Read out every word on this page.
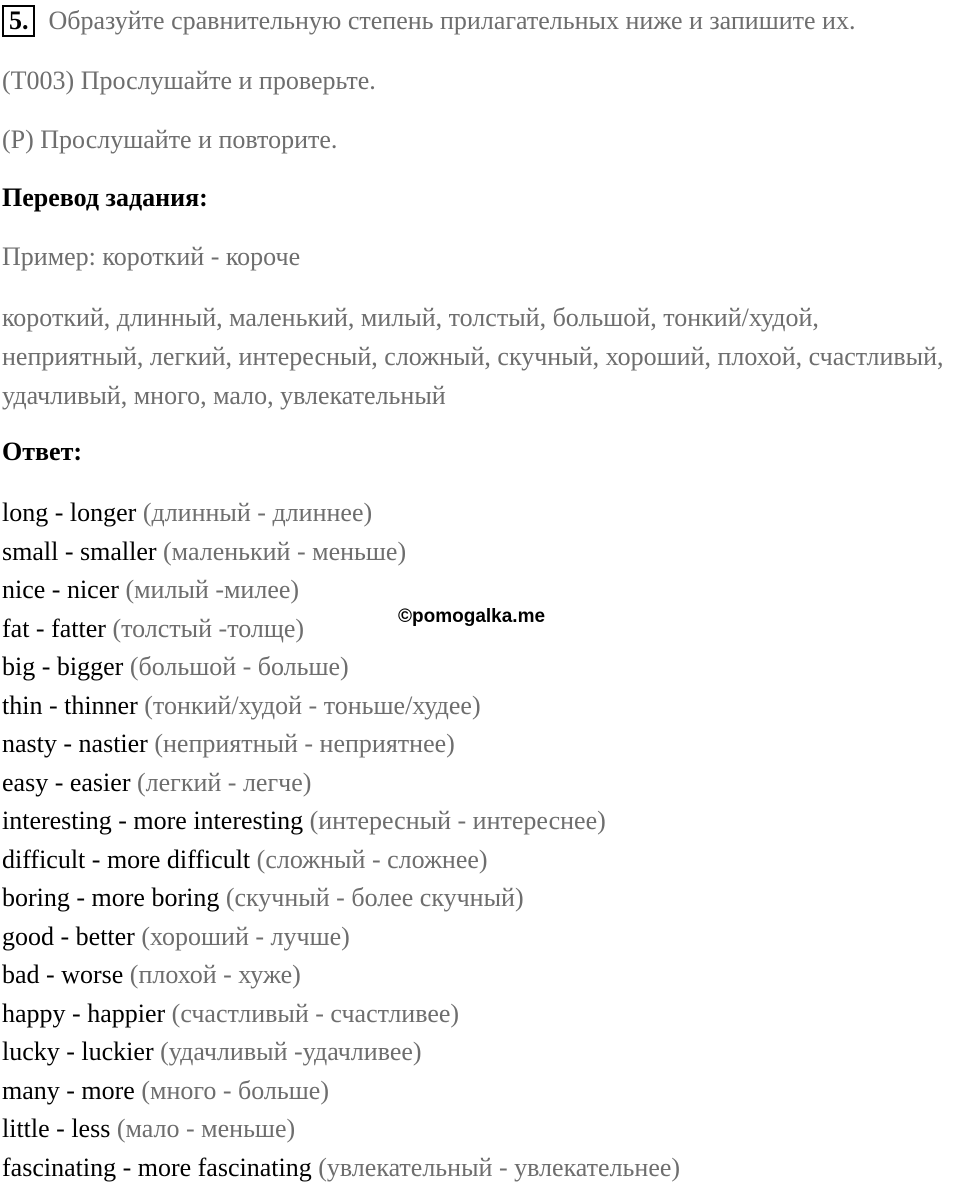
5. Образуйте сравнительную степень прилагательных ниже и запишите их.
(T003) Прослушайте и проверьте.
(P) Прослушайте и повторите.
Перевод задания:
Пример: короткий - короче
короткий, длинный, маленький, милый, толстый, большой, тонкий/худой, неприятный, легкий, интересный, сложный, скучный, хороший, плохой, счастливый, удачливый, много, мало, увлекательный
Ответ:
long - longer (длинный - длиннее)
small - smaller (маленький - меньше)
nice - nicer (милый -милее)
fat - fatter (толстый -толще)
big - bigger (большой - больше)
thin - thinner (тонкий/худой - тоньше/худее)
nasty - nastier (неприятный - неприятнее)
easy - easier (легкий - легче)
interesting - more interesting (интересный - интереснее)
difficult - more difficult (сложный - сложнее)
boring - more boring (скучный - более скучный)
good - better (хороший - лучше)
bad - worse (плохой - хуже)
happy - happier (счастливый - счастливее)
lucky - luckier (удачливый -удачливее)
many - more (много - больше)
little - less (мало - меньше)
fascinating - more fascinating (увлекательный - увлекательнее)
©pomogalka.me
